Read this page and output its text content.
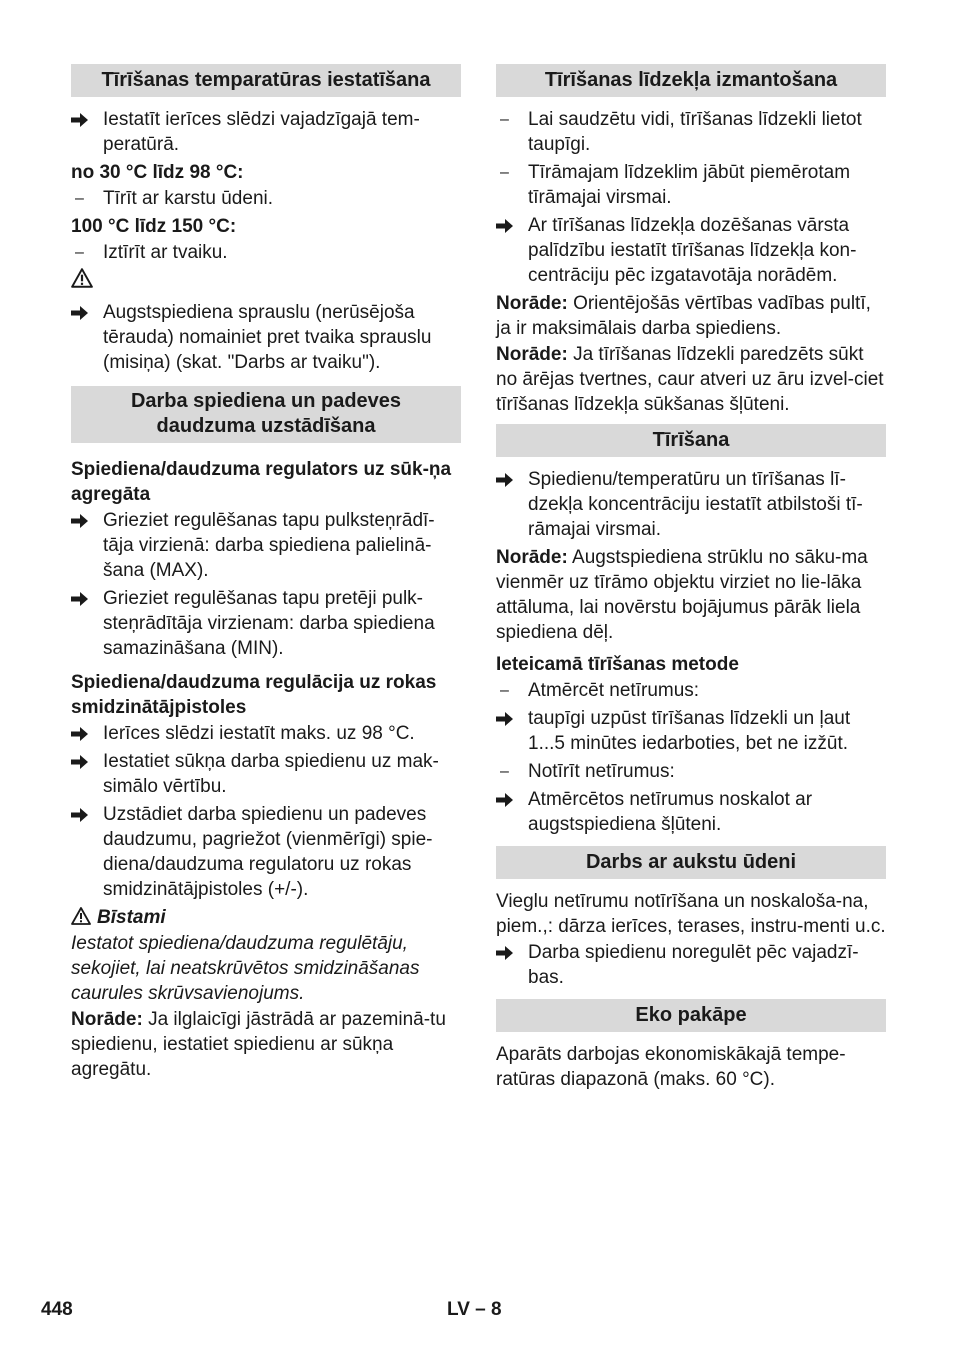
Tīrīšanas temparatūras iestatīšana
Iestatīt ierīces slēdzi vajadzīgajā tem-peratūrā.
no 30 °C līdz 98 °C:
–	Tīrīt ar karstu ūdeni.
100 °C līdz 150 °C:
–	Iztīrīt ar tvaiku.
Augstspiediena sprauslu (nerūsējoša tērauda) nomainiet pret tvaika sprauslu (misiņa) (skat. "Darbs ar tvaiku").
Darba spiediena un padeves
daudzuma uzstādīšana
Spiediena/daudzuma regulators uz sūk-ņa agregāta
Grieziet regulēšanas tapu pulksteņrādī-tāja virzienā: darba spiediena palielinā-šana (MAX).
Grieziet regulēšanas tapu pretēji pulk-steņrādītāja virzienam: darba spiediena samazināšana (MIN).
Spiediena/daudzuma regulācija uz rokas smidzinātājpistoles
Ierīces slēdzi iestatīt maks. uz 98 °C.
Iestatiet sūkņa darba spiedienu uz mak-simālo vērtību.
Uzstādiet darba spiedienu un padeves daudzumu, pagriežot (vienmērīgi) spie-diena/daudzuma regulatoru uz rokas smidzinātājpistoles (+/-).
Bīstami
Iestatot spiediena/daudzuma regulētāju, sekojiet, lai neatskrūvētos smidzināšanas caurules skrūvsavienojums.
Norāde: Ja ilglaicīgi jāstrādā ar pazeminā-tu spiedienu, iestatiet spiedienu ar sūkņa agregātu.
Tīrīšanas līdzekļa izmantošana
–	Lai saudzētu vidi, tīrīšanas līdzekli lietot taupīgi.
–	Tīrāmajam līdzeklim jābūt piemērotam tīrāmajai virsmai.
Ar tīrīšanas līdzekļa dozēšanas vārsta palīdzību iestatīt tīrīšanas līdzekļa kon-centrāciju pēc izgatavotāja norādēm.
Norāde: Orientējošās vērtības vadības pultī, ja ir maksimālais darba spiediens.
Norāde: Ja tīrīšanas līdzekli paredzēts sūkt no ārējas tvertnes, caur atveri uz āru izvel-ciet tīrīšanas līdzekļa sūkšanas šļūteni.
Tīrīšana
Spiedienu/temperatūru un tīrīšanas lī-dzekļa koncentrāciju iestatīt atbilstoši tī-rāmajai virsmai.
Norāde: Augstspiediena strūklu no sāku-ma vienmēr uz tīrāmo objektu virziet no lie-lāka attāluma, lai novērstu bojājumus pārāk liela spiediena dēļ.
Ieteicamā tīrīšanas metode
–	Atmērcēt netīrumus:
taupīgi uzpūst tīrīšanas līdzekli un ļaut 1...5 minūtes iedarboties, bet ne izžūt.
–	Notīrīt netīrumus:
Atmērcētos netīrumus noskalot ar augstspiediena šļūteni.
Darbs ar aukstu ūdeni
Vieglu netīrumu notīrīšana un noskaloša-na, piem.,: dārza ierīces, terases, instru-menti u.c.
Darba spiedienu noregulēt pēc vajadzī-bas.
Eko pakāpe
Aparāts darbojas ekonomiskākajā tempe-ratūras diapazonā (maks. 60 °C).
448	LV – 8
